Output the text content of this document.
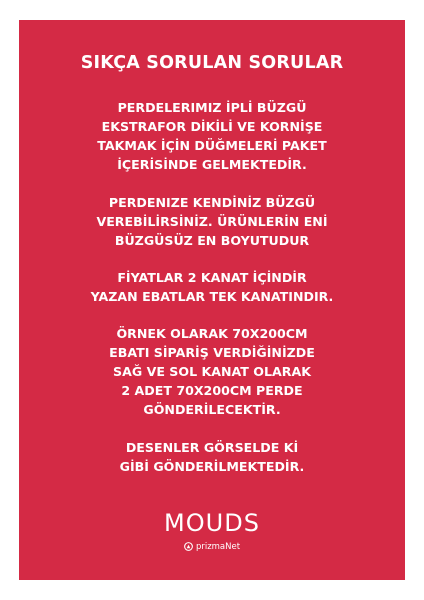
SIKÇA SORULAN SORULAR
PERDELERIMIZ İPLİ BÜZGÜ
EKSTRAFOR DİKİLİ VE KORNİŞE
TAKMAK İÇİN DÜĞMELERİ PAKET
İÇERİSİNDE GELMEKTEDİR.
PERDENIZE KENDİNİZ BÜZGÜ
VEREBİLİRSİNİZ. ÜRÜNLERİN ENİ
BÜZGÜSÜZ EN BOYUTUDUR
FİYATLAR 2 KANAT İÇİNDİR
YAZAN EBATLAR TEK KANATINDIR.
ÖRNEK OLARAK 70X200CM
EBATI SİPARİŞ VERDİĞİNİZDE
SAĞ VE SOL KANAT OLARAK
2 ADET 70X200CM PERDE
GÖNDERİLECEKTİR.
DESENLER GÖRSELDE Kİ
GİBİ GÖNDERİLMEKTEDİR.
MOUDS
prizmaNet
